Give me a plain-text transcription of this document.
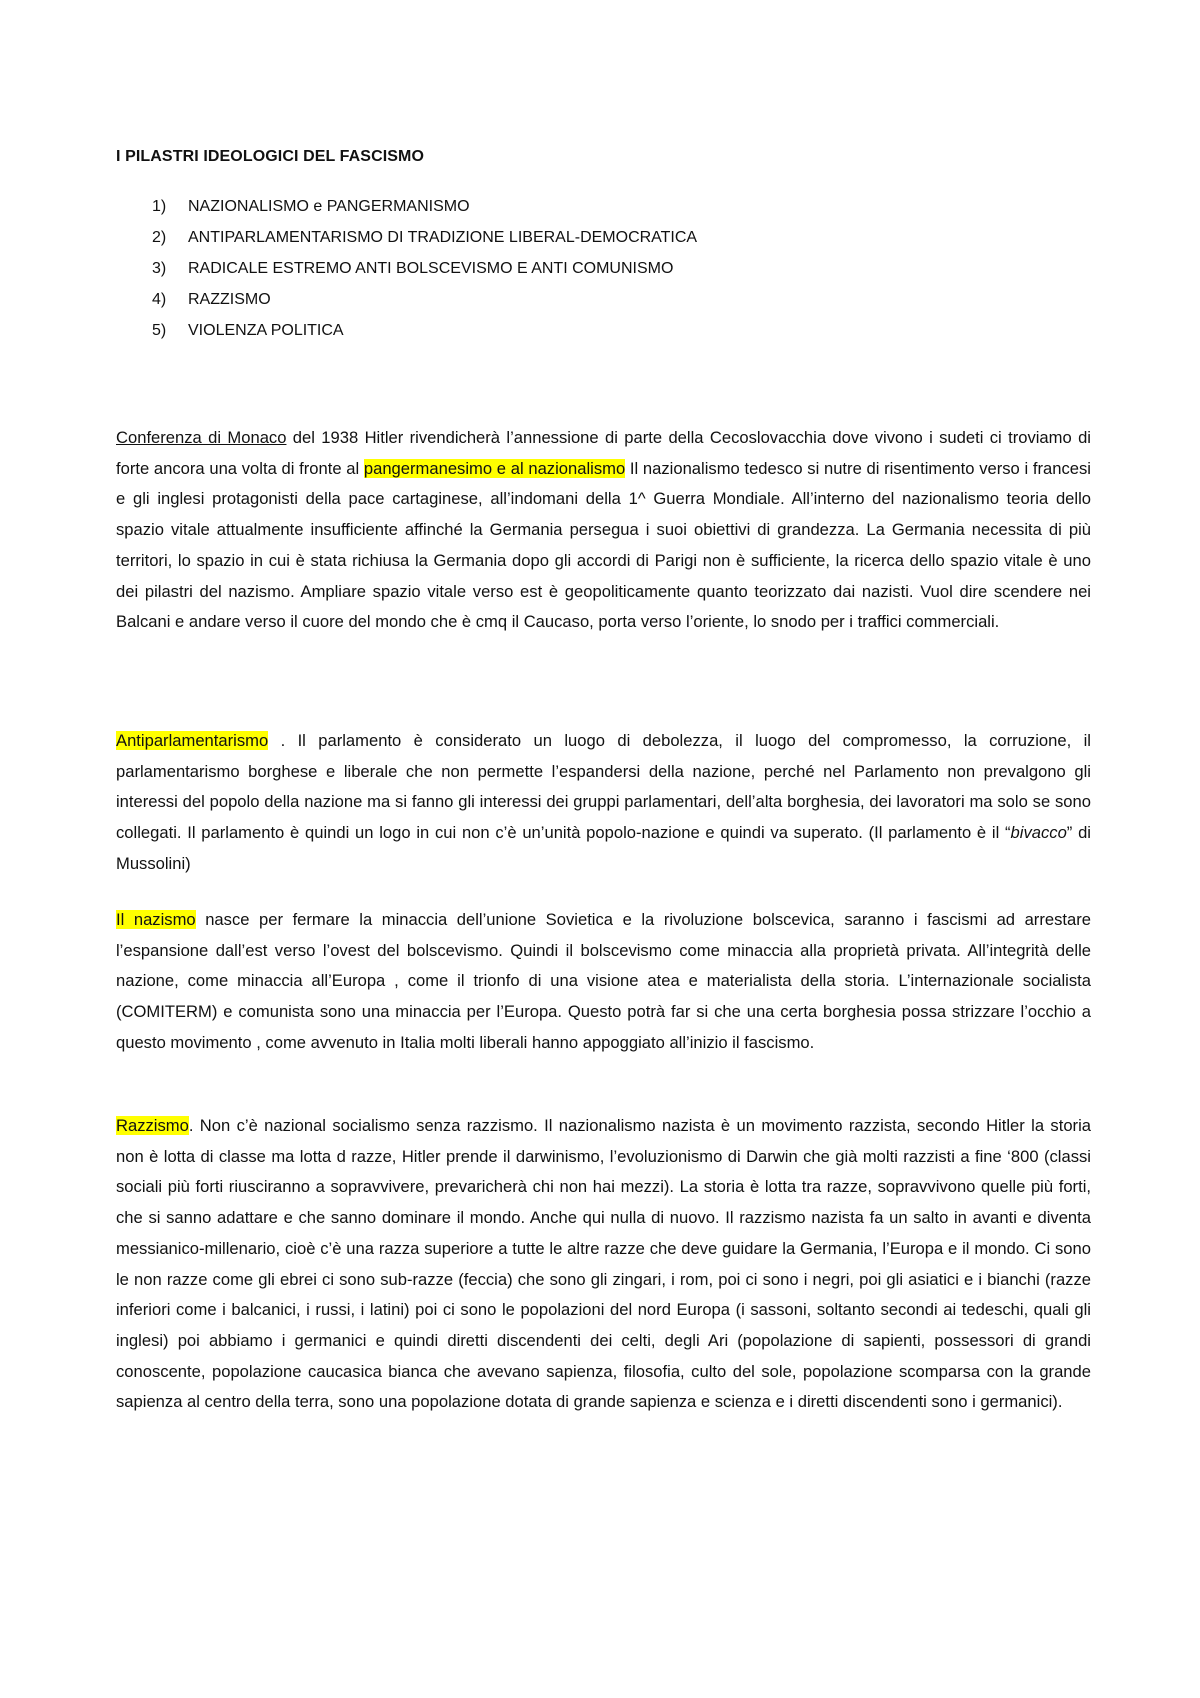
I PILASTRI IDEOLOGICI DEL FASCISMO
1) NAZIONALISMO e PANGERMANISMO
2) ANTIPARLAMENTARISMO DI TRADIZIONE LIBERAL-DEMOCRATICA
3) RADICALE ESTREMO ANTI BOLSCEVISMO E ANTI COMUNISMO
4) RAZZISMO
5) VIOLENZA POLITICA

Conferenza di Monaco del 1938 Hitler rivendicherà l’annessione di parte della Cecoslovacchia dove vivono i sudeti ci troviamo di forte ancora una volta di fronte al pangermanesimo e al nazionalismo Il nazionalismo tedesco si nutre di risentimento verso i francesi e gli inglesi protagonisti della pace cartaginese, all’indomani della 1^ Guerra Mondiale. All’interno del nazionalismo teoria dello spazio vitale attualmente insufficiente affinché la Germania persegua i suoi obiettivi di grandezza. La Germania necessita di più territori, lo spazio in cui è stata richiusa la Germania dopo gli accordi di Parigi non è sufficiente, la ricerca dello spazio vitale è uno dei pilastri del nazismo. Ampliare spazio vitale verso est è geopoliticamente quanto teorizzato dai nazisti. Vuol dire scendere nei Balcani e andare verso il cuore del mondo che è cmq il Caucaso, porta verso l’oriente, lo snodo per i traffici commerciali.

Antiparlamentarismo . Il parlamento è considerato un luogo di debolezza, il luogo del compromesso, la corruzione, il parlamentarismo borghese e liberale che non permette l’espandersi della nazione, perché nel Parlamento non prevalgono gli interessi del popolo della nazione ma si fanno gli interessi dei gruppi parlamentari, dell’alta borghesia, dei lavoratori ma solo se sono collegati. Il parlamento è quindi un logo in cui non c’è un’unità popolo-nazione e quindi va superato. (Il parlamento è il “bivacco” di Mussolini)

Il nazismo nasce per fermare la minaccia dell’unione Sovietica e la rivoluzione bolscevica, saranno i fascismi ad arrestare l’espansione dall’est verso l’ovest del bolscevismo. Quindi il bolscevismo come minaccia alla proprietà privata. All’integrità delle nazione, come minaccia all’Europa , come il trionfo di una visione atea e materialista della storia. L’internazionale socialista (COMITERM) e comunista sono una minaccia per l’Europa. Questo potrà far si che una certa borghesia possa strizzare l’occhio a questo movimento , come avvenuto in Italia molti liberali hanno appoggiato all’inizio il fascismo.

Razzismo. Non c’è nazional socialismo senza razzismo. Il nazionalismo nazista è un movimento razzista, secondo Hitler la storia non è lotta di classe ma lotta d razze, Hitler prende il darwinismo, l’evoluzionismo di Darwin che già molti razzisti a fine ‘800 (classi sociali più forti riusciranno a sopravvivere, prevaricherà chi non hai mezzi). La storia è lotta tra razze, sopravvivono quelle più forti, che si sanno adattare e che sanno dominare il mondo. Anche qui nulla di nuovo. Il razzismo nazista fa un salto in avanti e diventa messianico-millenario, cioè c’è una razza superiore a tutte le altre razze che deve guidare la Germania, l’Europa e il mondo. Ci sono le non razze come gli ebrei ci sono sub-razze (feccia) che sono gli zingari, i rom, poi ci sono i negri, poi gli asiatici e i bianchi (razze inferiori come i balcanici, i russi, i latini) poi ci sono le popolazioni del nord Europa (i sassoni, soltanto secondi ai tedeschi, quali gli inglesi) poi abbiamo i germanici e quindi diretti discendenti dei celti, degli Ari (popolazione di sapienti, possessori di grandi conoscente, popolazione caucasica bianca che avevano sapienza, filosofia, culto del sole, popolazione scomparsa con la grande sapienza al centro della terra, sono una popolazione dotata di grande sapienza e scienza e i diretti discendenti sono i germanici).
